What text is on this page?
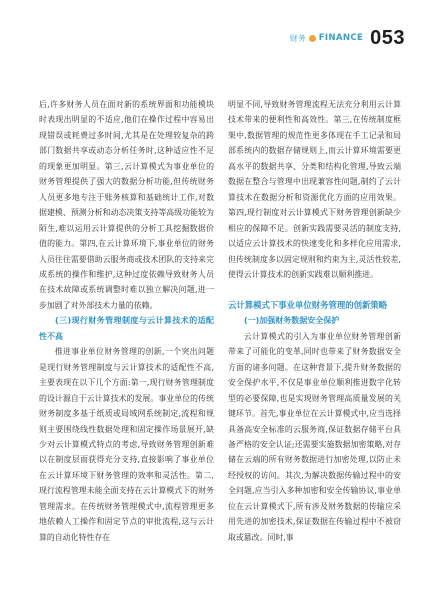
财务 FINANCE 053

后,许多财务人员在面对新的系统界面和功能模块时表现出明显的不适应,他们在操作过程中容易出现错误或耗费过多时间,尤其是在处理较复杂的跨部门数据共享或动态分析任务时,这种适应性不足的现象更加明显。第三,云计算模式为事业单位的财务管理提供了强大的数据分析功能,但传统财务人员更多地专注于账务核算和基础统计工作,对数据建模、预测分析和动态决策支持等高级功能较为陌生,难以运用云计算提供的分析工具挖掘数据价值的能力。第四,在云计算环境下,事业单位的财务人员往往需要借助云服务商或技术团队的支持来完成系统的操作和维护,这种过度依赖导致财务人员在技术故障或系统调整时难以独立解决问题,进一步加剧了对外部技术力量的依赖。

(三)现行财务管理制度与云计算技术的适配性不高

推进事业单位财务管理的创新,一个突出问题是现行财务管理制度与云计算技术的适配性不高,主要表现在以下几个方面:第一,现行财务管理制度的设计源自于云计算技术的发展。事业单位的传统财务制度多基于纸质或局域网系统制定,流程和规则主要围绕线性数据处理和固定操作场景展开,缺少对云计算模式特点的考虑,导致财务管理创新难以在制度层面获得充分支持,直接影响了事业单位在云计算环境下财务管理的效率和灵活性。第二,现行流程管理未能全面支持在云计算模式下的财务管理需求。在传统财务管理模式中,流程管理更多地依赖人工操作和固定节点的审批流程,这与云计算的自动化特性存在

明显不同,导致财务管理流程无法充分利用云计算技术带来的便利性和高效性。第三,在传统制度框架中,数据管理的规范性更多体现在手工记录和局部系统内的数据存储规则上,而云计算环境需要更高水平的数据共享、分类和结构化管理,导致云端数据在整合与管理中出现兼容性问题,制约了云计算技术在数据分析和资源优化方面的应用效果。第四,现行制度对云计算模式下财务管理创新缺少相应的保障不足。创新实践需要灵活的制度支持,以适应云计算技术的快速变化和多样化应用需求,但传统制度多以固定规则和约束为主,灵活性较差,使得云计算技术的创新实践难以顺利推进。

云计算模式下事业单位财务管理的创新策略

(一)加强财务数据安全保护

云计算模式的引入为事业单位财务管理创新带来了可能化的变革,同时也带来了财务数据安全方面的诸多问题。在这种背景下,提升财务数据的安全保护水平,不仅是事业单位顺利推进数字化转型的必要保障,也是实现财务管理高质量发展的关键环节。首先,事业单位在云计算模式中,应当选择具备高安全标准的云服务商,保证数据存储平台具备严格的安全认证;还需要实施数据加密策略,对存储在云端的所有财务数据进行加密处理,以防止未经授权的访问。其次,为解决数据传输过程中的安全问题,应当引入多种加密和安全传输协议,事业单位在云计算模式下,所有涉及财务数据的传输应采用先进的加密技术,保证数据在传输过程中不被窃取或篡改。同时,事
